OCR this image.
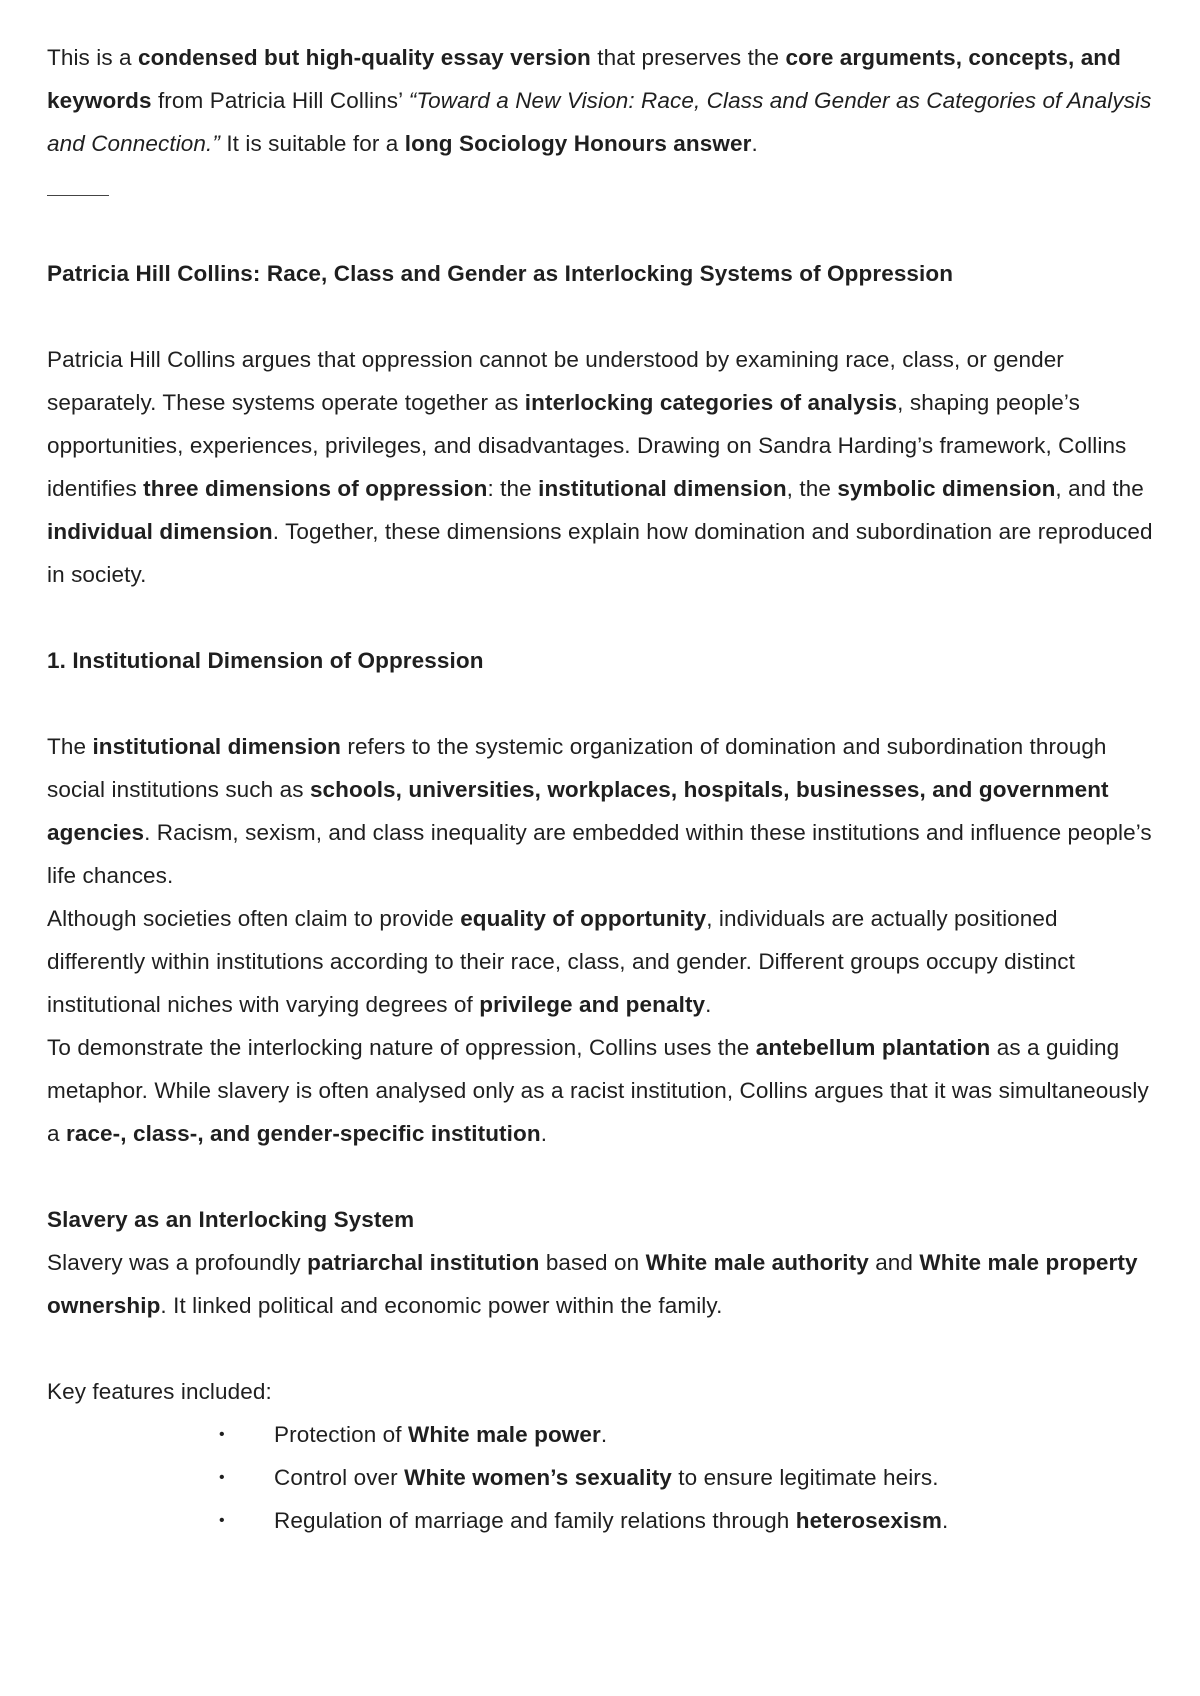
This is a condensed but high-quality essay version that preserves the core arguments, concepts, and keywords from Patricia Hill Collins’ “Toward a New Vision: Race, Class and Gender as Categories of Analysis and Connection.” It is suitable for a long Sociology Honours answer.

Patricia Hill Collins: Race, Class and Gender as Interlocking Systems of Oppression

Patricia Hill Collins argues that oppression cannot be understood by examining race, class, or gender separately. These systems operate together as interlocking categories of analysis, shaping people’s opportunities, experiences, privileges, and disadvantages. Drawing on Sandra Harding’s framework, Collins identifies three dimensions of oppression: the institutional dimension, the symbolic dimension, and the individual dimension. Together, these dimensions explain how domination and subordination are reproduced in society.

1. Institutional Dimension of Oppression

The institutional dimension refers to the systemic organization of domination and subordination through social institutions such as schools, universities, workplaces, hospitals, businesses, and government agencies. Racism, sexism, and class inequality are embedded within these institutions and influence people’s life chances.

Although societies often claim to provide equality of opportunity, individuals are actually positioned differently within institutions according to their race, class, and gender. Different groups occupy distinct institutional niches with varying degrees of privilege and penalty.

To demonstrate the interlocking nature of oppression, Collins uses the antebellum plantation as a guiding metaphor. While slavery is often analysed only as a racist institution, Collins argues that it was simultaneously a race-, class-, and gender-specific institution.

Slavery as an Interlocking System

Slavery was a profoundly patriarchal institution based on White male authority and White male property ownership. It linked political and economic power within the family.

Key features included:

• Protection of White male power.
• Control over White women’s sexuality to ensure legitimate heirs.
• Regulation of marriage and family relations through heterosexism.
